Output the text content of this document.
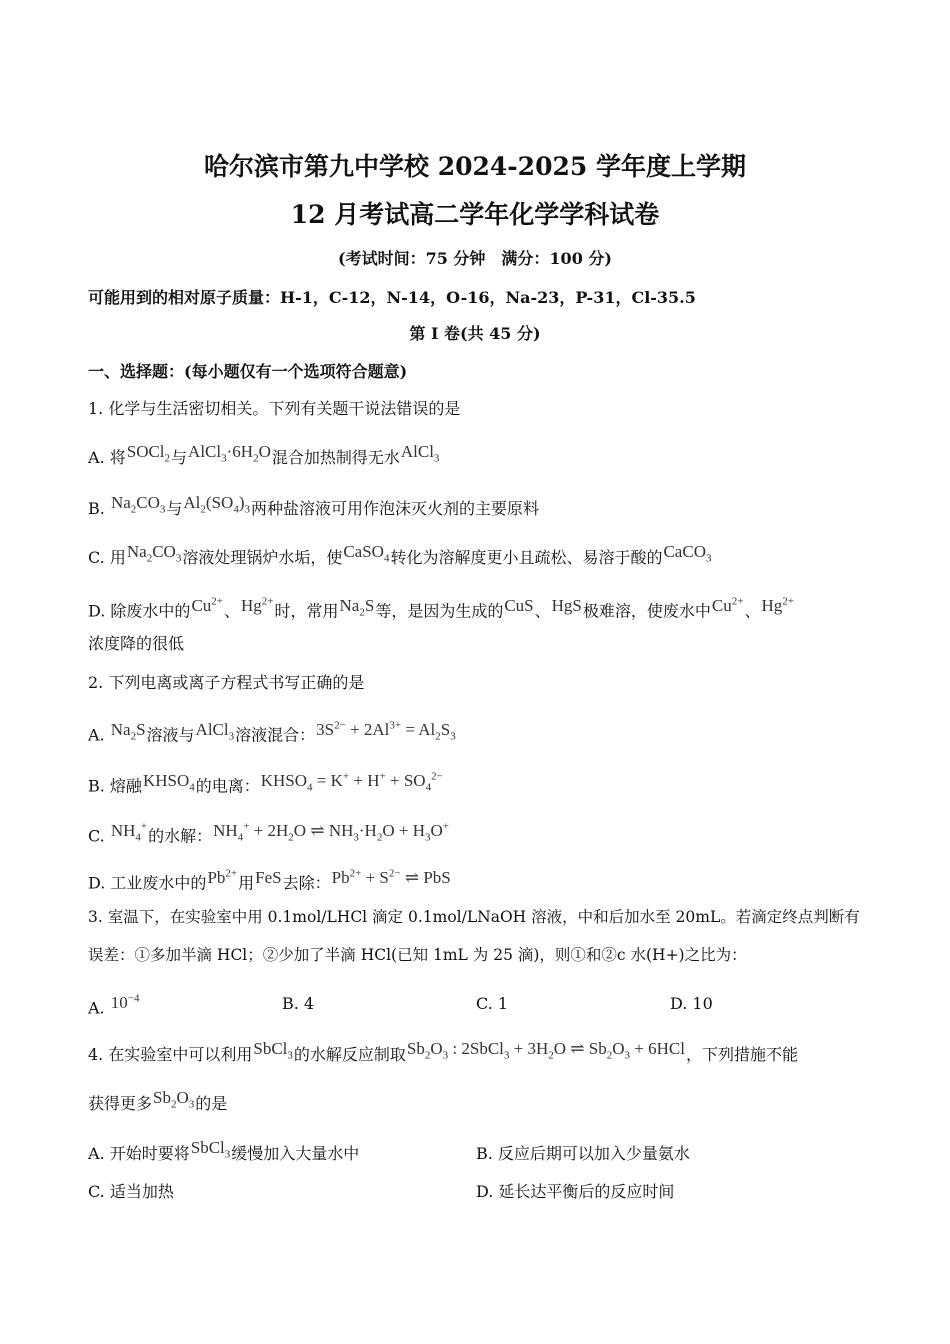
哈尔滨市第九中学校 2024-2025 学年度上学期
12 月考试高二学年化学学科试卷
(考试时间：75 分钟　满分：100 分)
可能用到的相对原子质量：H-1，C-12，N-14，O-16，Na-23，P-31，Cl-35.5
第 I 卷(共 45 分)
一、选择题：(每小题仅有一个选项符合题意)
1. 化学与生活密切相关。下列有关题干说法错误的是
A. 将SOCl$_2$与$AlCl_3\cdot 6H_2O$混合加热制得无水AlCl$_3$
B. $Na_2CO_3$与$Al_2(SO_4)_3$两种盐溶液可用作泡沫灭火剂的主要原料
C. 用$Na_2CO_3$溶液处理锅炉水垢，使CaSO$_4$转化为溶解度更小且疏松、易溶于酸的CaCO$_3$
D. 除废水中的$Cu^{2+}$、$Hg^{2+}$时，常用$Na_2S$等，是因为生成的CuS、HgS极难溶，使废水中$Cu^{2+}$、$Hg^{2+}$
浓度降的很低
2. 下列电离或离子方程式书写正确的是
A. $Na_2S$溶液与AlCl$_3$溶液混合：$3S^{2-} + 2Al^{3+} = Al_2S_3$
B. 熔融$KHSO_4$的电离：$KHSO_4 = K^+ + H^+ + SO_4^{2-}$
C. $NH_4^+$的水解：$NH_4^+ + 2H_2O$ ⇌ $NH_3\cdot H_2O + H_3O^+$
D. 工业废水中的$Pb^{2+}$用FeS去除：$Pb^{2+} + S^{2-}$ ⇌ PbS
3. 室温下，在实验室中用 0.1mol/LHCl 滴定 0.1mol/LNaOH 溶液，中和后加水至 20mL。若滴定终点判断有
误差：①多加半滴 HCl；②少加了半滴 HCl(已知 1mL 为 25 滴)，则①和②c 水(H+)之比为：
A. $10^{-4}$	B. 4	C. 1	D. 10
4. 在实验室中可以利用SbCl$_3$的水解反应制取$Sb_2O_3$ : 2SbCl$_3$ + $3H_2O$ ⇌ $Sb_2O_3 + 6HCl$，下列措施不能
获得更多$Sb_2O_3$的是
A. 开始时要将SbCl$_3$缓慢加入大量水中	B. 反应后期可以加入少量氨水
C. 适当加热	D. 延长达平衡后的反应时间
